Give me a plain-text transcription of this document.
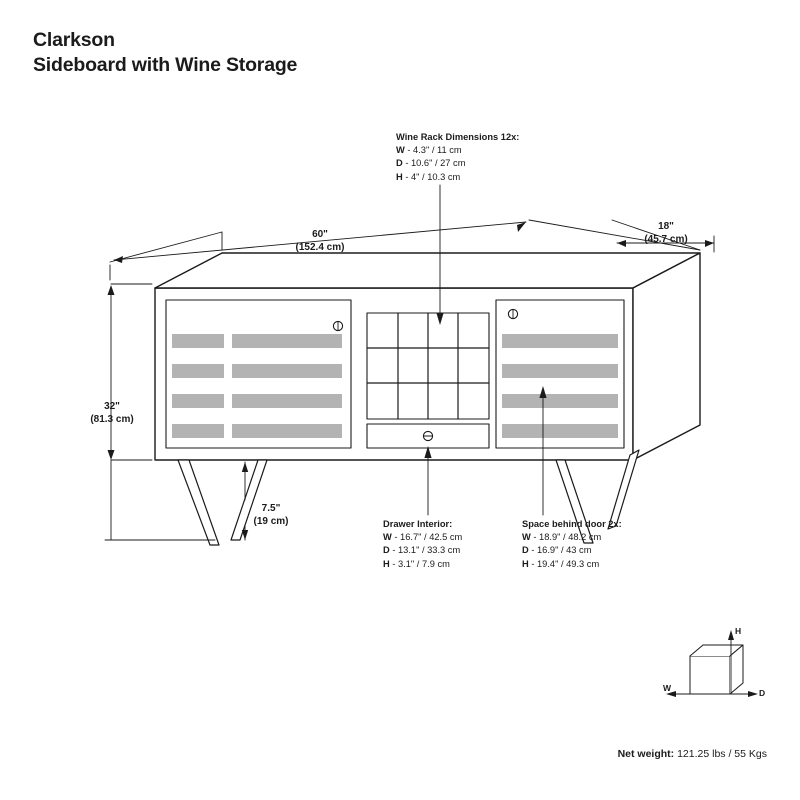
Clarkson
Sideboard with Wine Storage
60"
(152.4 cm)
18"
(45.7 cm)
32"
(81.3 cm)
7.5"
(19 cm)
Wine Rack Dimensions 12x:
W - 4.3" / 11 cm
D - 10.6" / 27 cm
H - 4" / 10.3 cm
Drawer Interior:
W - 16.7" / 42.5 cm
D - 13.1" / 33.3 cm
H - 3.1" / 7.9 cm
Space behind door 2x:
W - 18.9" / 48.2 cm
D - 16.9" / 43 cm
H - 19.4" / 49.3 cm
H
W	D
Net weight: 121.25 lbs / 55 Kgs
